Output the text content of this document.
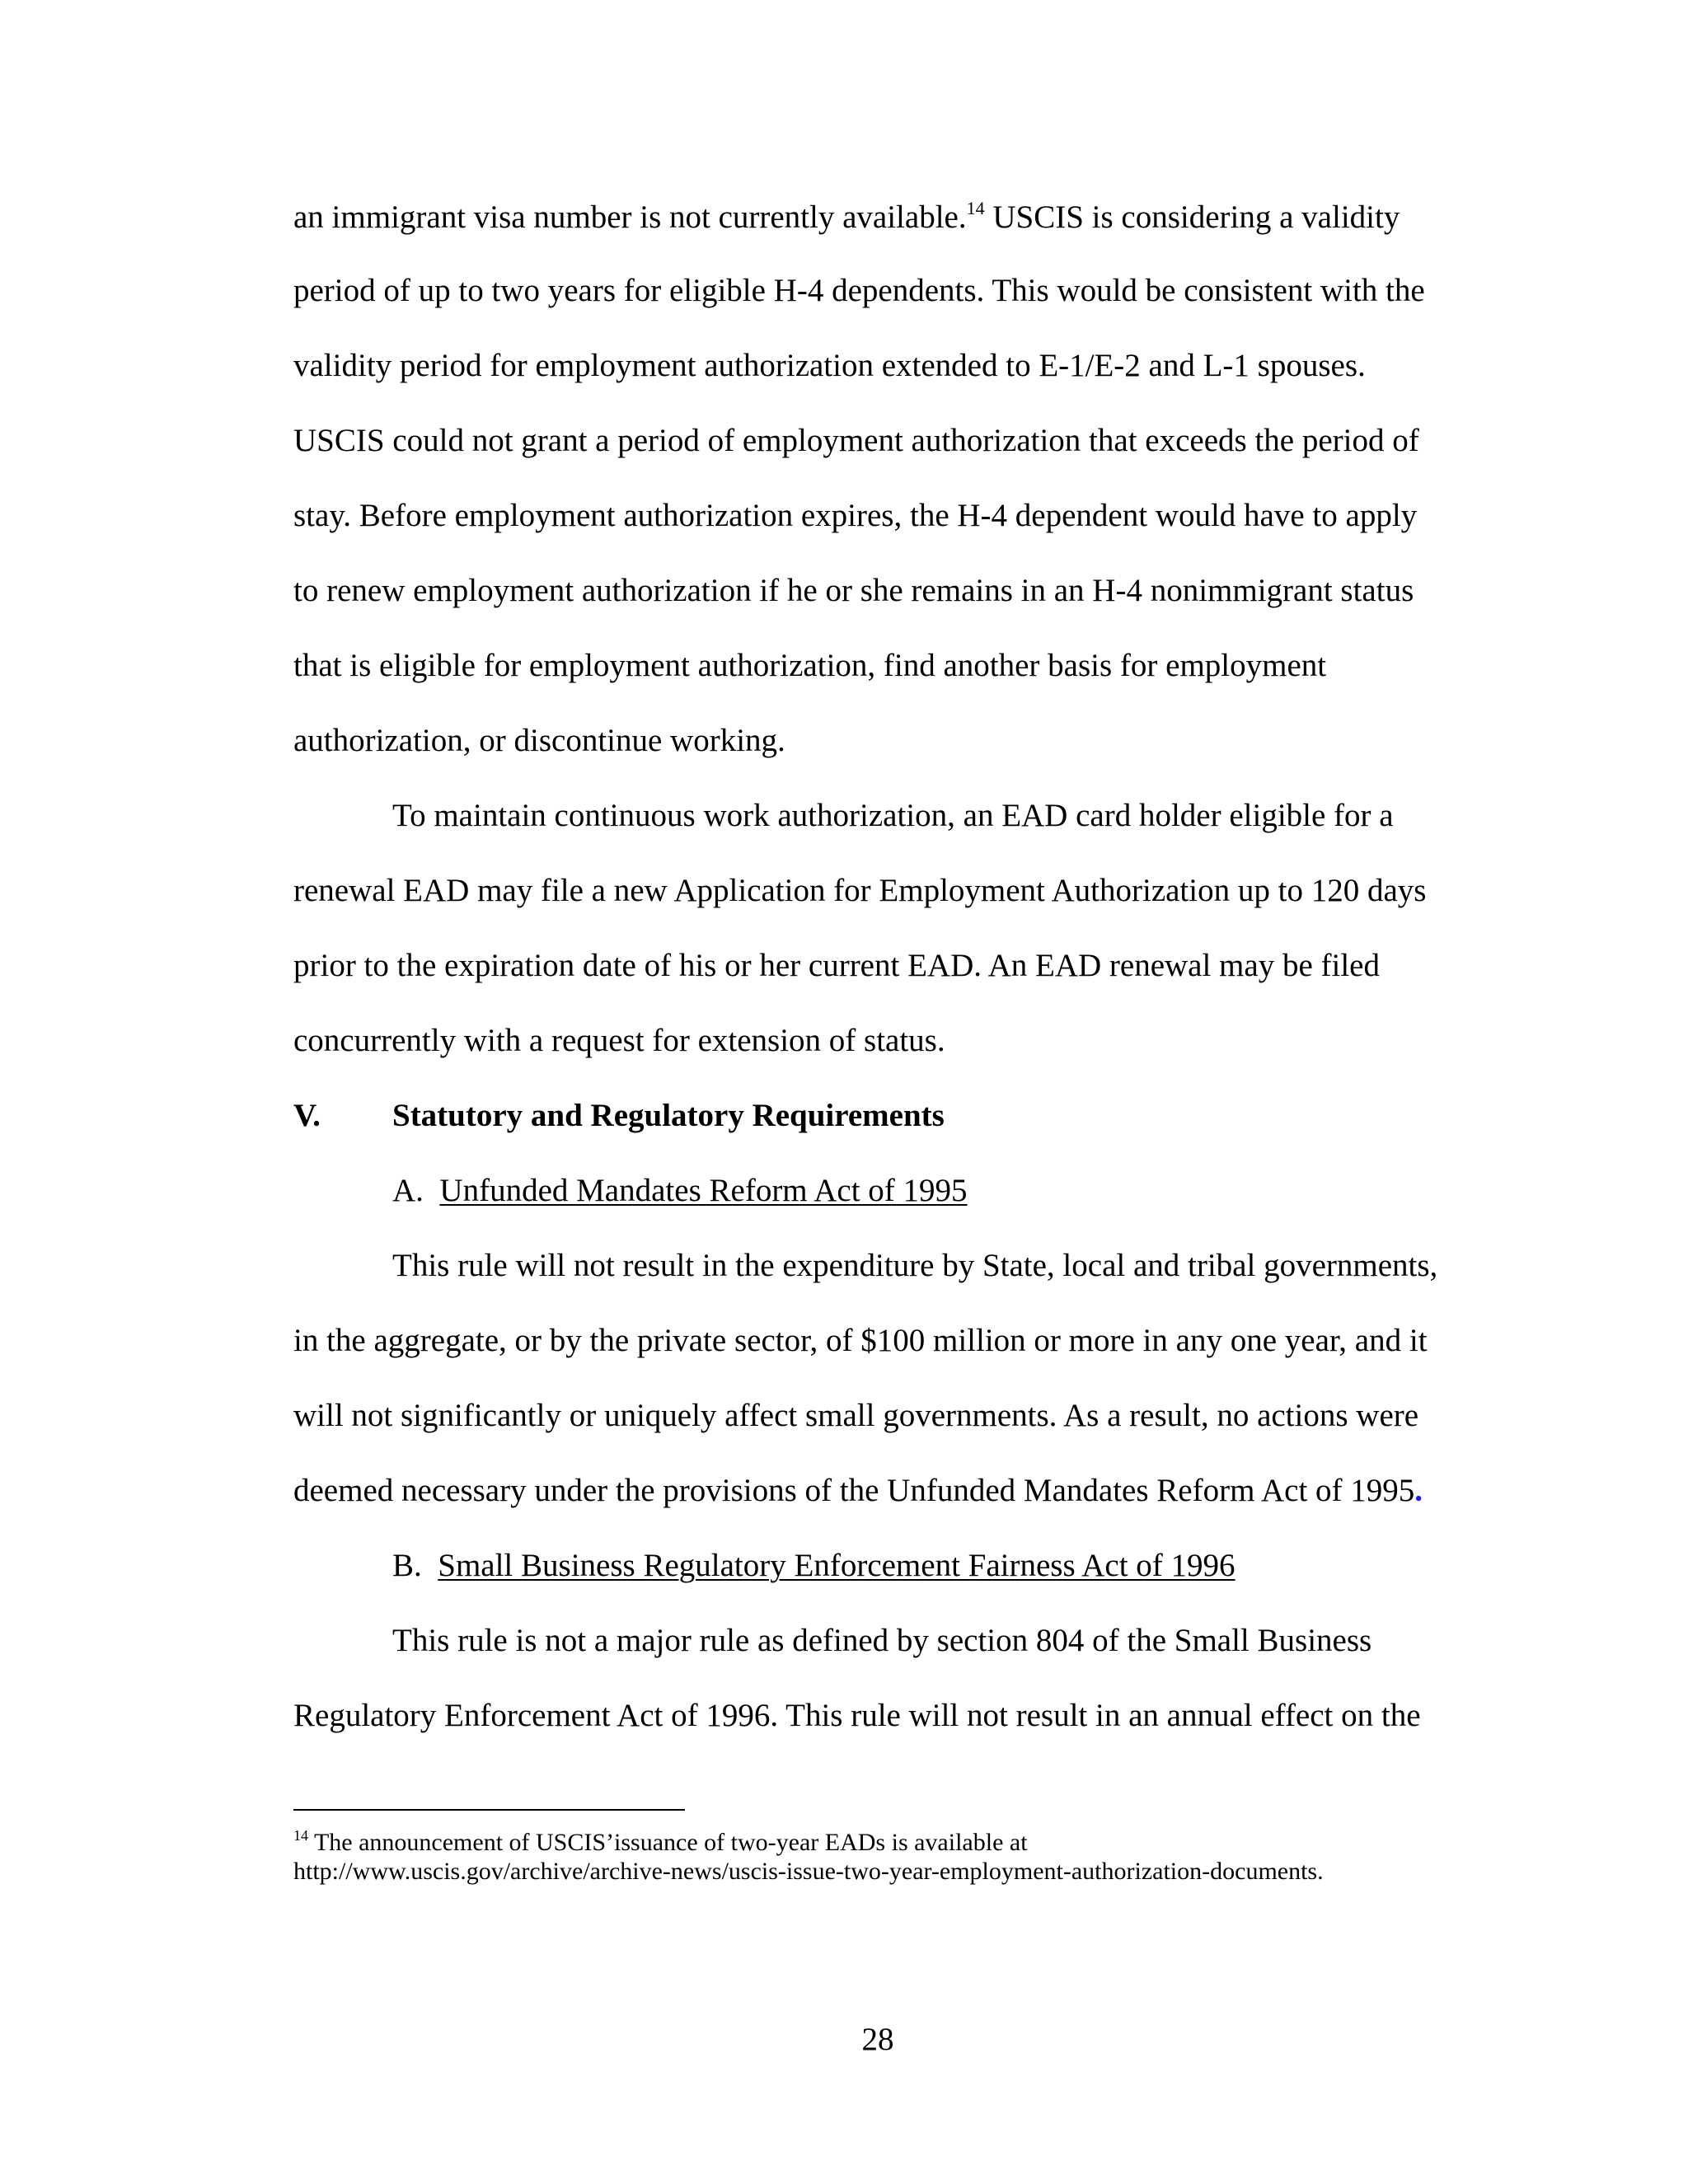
an immigrant visa number is not currently available.$^{14}$ USCIS is considering a validity
period of up to two years for eligible H-4 dependents. This would be consistent with the
validity period for employment authorization extended to E-1/E-2 and L-1 spouses.
USCIS could not grant a period of employment authorization that exceeds the period of
stay. Before employment authorization expires, the H-4 dependent would have to apply
to renew employment authorization if he or she remains in an H-4 nonimmigrant status
that is eligible for employment authorization, find another basis for employment
authorization, or discontinue working.
To maintain continuous work authorization, an EAD card holder eligible for a
renewal EAD may file a new Application for Employment Authorization up to 120 days
prior to the expiration date of his or her current EAD. An EAD renewal may be filed
concurrently with a request for extension of status.
V. Statutory and Regulatory Requirements
A. Unfunded Mandates Reform Act of 1995
This rule will not result in the expenditure by State, local and tribal governments,
in the aggregate, or by the private sector, of $100 million or more in any one year, and it
will not significantly or uniquely affect small governments. As a result, no actions were
deemed necessary under the provisions of the Unfunded Mandates Reform Act of 1995.
B. Small Business Regulatory Enforcement Fairness Act of 1996
This rule is not a major rule as defined by section 804 of the Small Business
Regulatory Enforcement Act of 1996. This rule will not result in an annual effect on the
$^{14}$ The announcement of USCIS’issuance of two-year EADs is available at
http://www.uscis.gov/archive/archive-news/uscis-issue-two-year-employment-authorization-documents.
28
